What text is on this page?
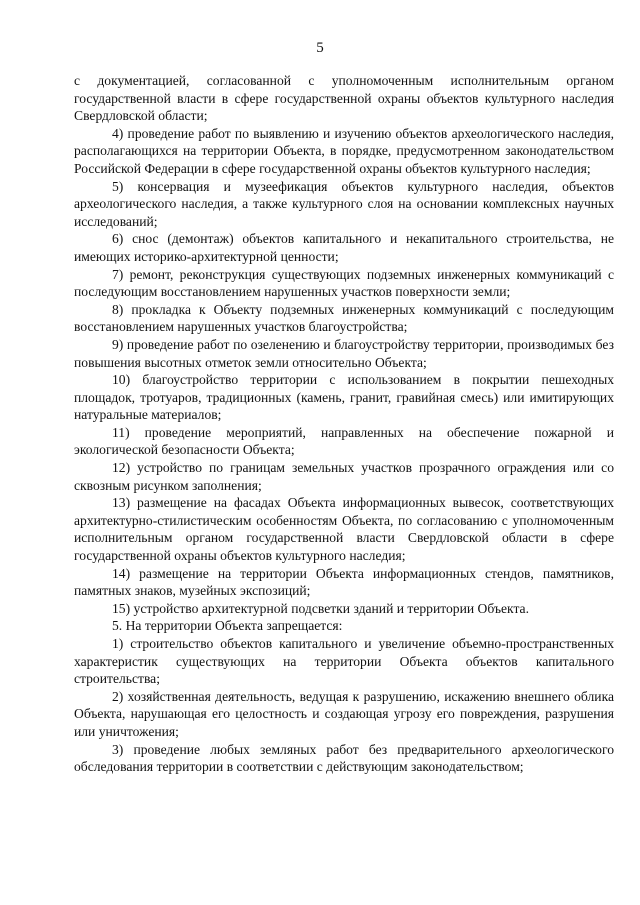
5

с документацией, согласованной с уполномоченным исполнительным органом государственной власти в сфере государственной охраны объектов культурного наследия Свердловской области;

4) проведение работ по выявлению и изучению объектов археологического наследия, располагающихся на территории Объекта, в порядке, предусмотренном законодательством Российской Федерации в сфере государственной охраны объектов культурного наследия;

5) консервация и музеефикация объектов культурного наследия, объектов археологического наследия, а также культурного слоя на основании комплексных научных исследований;

6) снос (демонтаж) объектов капитального и некапитального строительства, не имеющих историко-архитектурной ценности;

7) ремонт, реконструкция существующих подземных инженерных коммуникаций с последующим восстановлением нарушенных участков поверхности земли;

8) прокладка к Объекту подземных инженерных коммуникаций с последующим восстановлением нарушенных участков благоустройства;

9) проведение работ по озеленению и благоустройству территории, производимых без повышения высотных отметок земли относительно Объекта;

10) благоустройство территории с использованием в покрытии пешеходных площадок, тротуаров, традиционных (камень, гранит, гравийная смесь) или имитирующих натуральные материалов;

11) проведение мероприятий, направленных на обеспечение пожарной и экологической безопасности Объекта;

12) устройство по границам земельных участков прозрачного ограждения или со сквозным рисунком заполнения;

13) размещение на фасадах Объекта информационных вывесок, соответствующих архитектурно-стилистическим особенностям Объекта, по согласованию с уполномоченным исполнительным органом государственной власти Свердловской области в сфере государственной охраны объектов культурного наследия;

14) размещение на территории Объекта информационных стендов, памятников, памятных знаков, музейных экспозиций;

15) устройство архитектурной подсветки зданий и территории Объекта.

5. На территории Объекта запрещается:

1) строительство объектов капитального и увеличение объемно-пространственных характеристик существующих на территории Объекта объектов капитального строительства;

2) хозяйственная деятельность, ведущая к разрушению, искажению внешнего облика Объекта, нарушающая его целостность и создающая угрозу его повреждения, разрушения или уничтожения;

3) проведение любых земляных работ без предварительного археологического обследования территории в соответствии с действующим законодательством;
